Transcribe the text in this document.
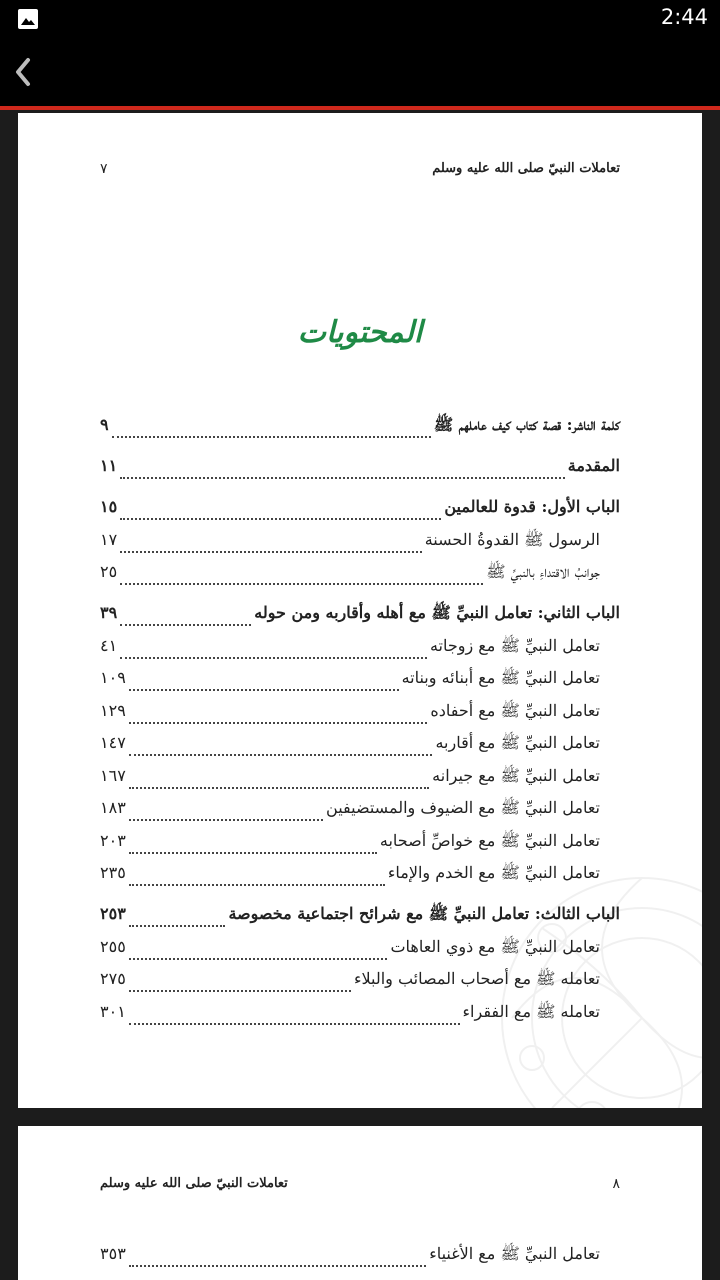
2:44
تعاملات النبيّ صلى الله عليه وسلم
٧
المحتويات
كلمة الناشر: قصة كتاب كيف عاملهم ﷺ
٩
المقدمة
١١
الباب الأول: قدوة للعالمين
١٥
الرسول ﷺ القدوةُ الحسنة
١٧
جوانبُ الاقتداءِ بالنبيِّ ﷺ
٢٥
الباب الثاني: تعامل النبيِّ ﷺ مع أهله وأقاربه ومن حوله
٣٩
تعامل النبيِّ ﷺ مع زوجاته
٤١
تعامل النبيِّ ﷺ مع أبنائه وبناته
١٠٩
تعامل النبيِّ ﷺ مع أحفاده
١٢٩
تعامل النبيِّ ﷺ مع أقاربه
١٤٧
تعامل النبيِّ ﷺ مع جيرانه
١٦٧
تعامل النبيِّ ﷺ مع الضيوف والمستضيفين
١٨٣
تعامل النبيِّ ﷺ مع خواصِّ أصحابه
٢٠٣
تعامل النبيِّ ﷺ مع الخدم والإماء
٢٣٥
الباب الثالث: تعامل النبيِّ ﷺ مع شرائح اجتماعية مخصوصة
٢٥٣
تعامل النبيِّ ﷺ مع ذوي العاهات
٢٥٥
تعامله ﷺ مع أصحاب المصائب والبلاء
٢٧٥
تعامله ﷺ مع الفقراء
٣٠١
تعاملات النبيّ صلى الله عليه وسلم	٨
تعامل النبيِّ ﷺ مع الأغنياء
٣٥٣
